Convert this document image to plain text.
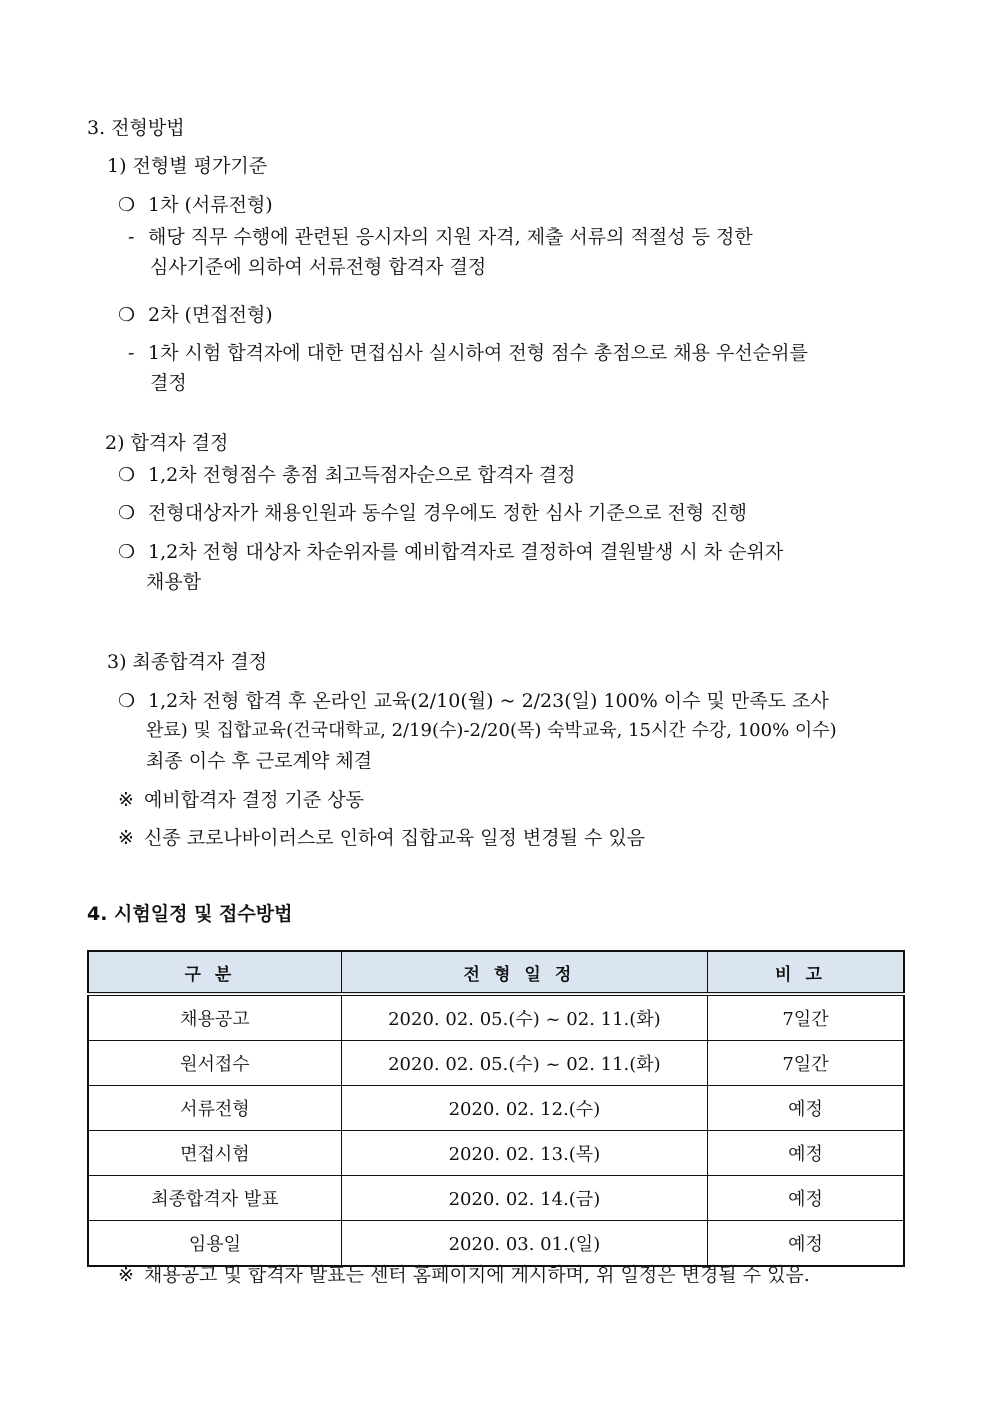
3. 전형방법
1) 전형별 평가기준
❍ 1차 (서류전형)
- 해당 직무 수행에 관련된 응시자의 지원 자격, 제출 서류의 적절성 등 정한
심사기준에 의하여 서류전형 합격자 결정
❍ 2차 (면접전형)
- 1차 시험 합격자에 대한 면접심사 실시하여 전형 점수 총점으로 채용 우선순위를
결정
2) 합격자 결정
❍ 1,2차 전형점수 총점 최고득점자순으로 합격자 결정
❍ 전형대상자가 채용인원과 동수일 경우에도 정한 심사 기준으로 전형 진행
❍ 1,2차 전형 대상자 차순위자를 예비합격자로 결정하여 결원발생 시 차 순위자
채용함
3) 최종합격자 결정
❍ 1,2차 전형 합격 후 온라인 교육(2/10(월) ~ 2/23(일) 100% 이수 및 만족도 조사
완료) 및 집합교육(건국대학교, 2/19(수)-2/20(목) 숙박교육, 15시간 수강, 100% 이수)
최종 이수 후 근로계약 체결
※ 예비합격자 결정 기준 상동
※ 신종 코로나바이러스로 인하여 집합교육 일정 변경될 수 있음
4. 시험일정 및 접수방법
구분	전형일정	비고
채용공고	2020. 02. 05.(수) ~ 02. 11.(화)	7일간
원서접수	2020. 02. 05.(수) ~ 02. 11.(화)	7일간
서류전형	2020. 02. 12.(수)	예정
면접시험	2020. 02. 13.(목)	예정
최종합격자 발표	2020. 02. 14.(금)	예정
임용일	2020. 03. 01.(일)	예정
※ 채용공고 및 합격자 발표는 센터 홈페이지에 게시하며, 위 일정은 변경될 수 있음.
